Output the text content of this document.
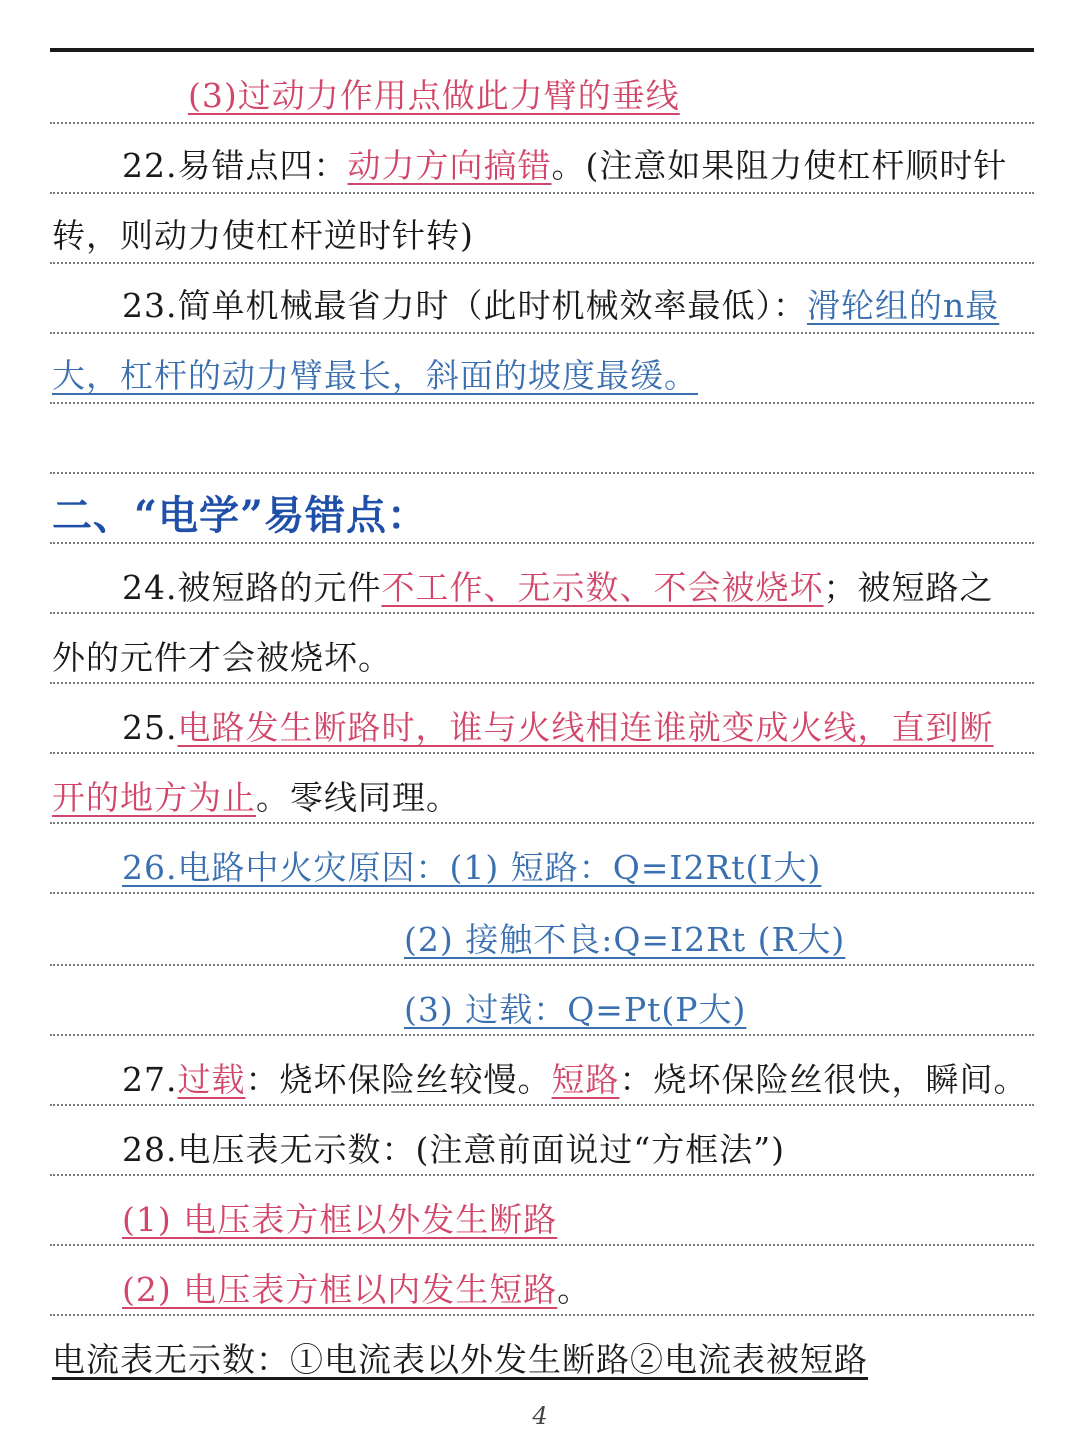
(3)过动力作用点做此力臂的垂线
22.易错点四：动力方向搞错。(注意如果阻力使杠杆顺时针
转，则动力使杠杆逆时针转)
23.简单机械最省力时（此时机械效率最低）：滑轮组的n最
大，杠杆的动力臂最长，斜面的坡度最缓。
二、“电学”易错点：
24.被短路的元件不工作、无示数、不会被烧坏；被短路之
外的元件才会被烧坏。
25.电路发生断路时，谁与火线相连谁就变成火线，直到断
开的地方为止。零线同理。
26.电路中火灾原因：(1) 短路：Q=I2Rt(I大)
(2) 接触不良:Q=I2Rt (R大)
(3) 过载：Q=Pt(P大)
27.过载：烧坏保险丝较慢。短路：烧坏保险丝很快，瞬间。
28.电压表无示数：(注意前面说过“方框法”)
(1) 电压表方框以外发生断路
(2) 电压表方框以内发生短路。
电流表无示数：①电流表以外发生断路②电流表被短路
4
